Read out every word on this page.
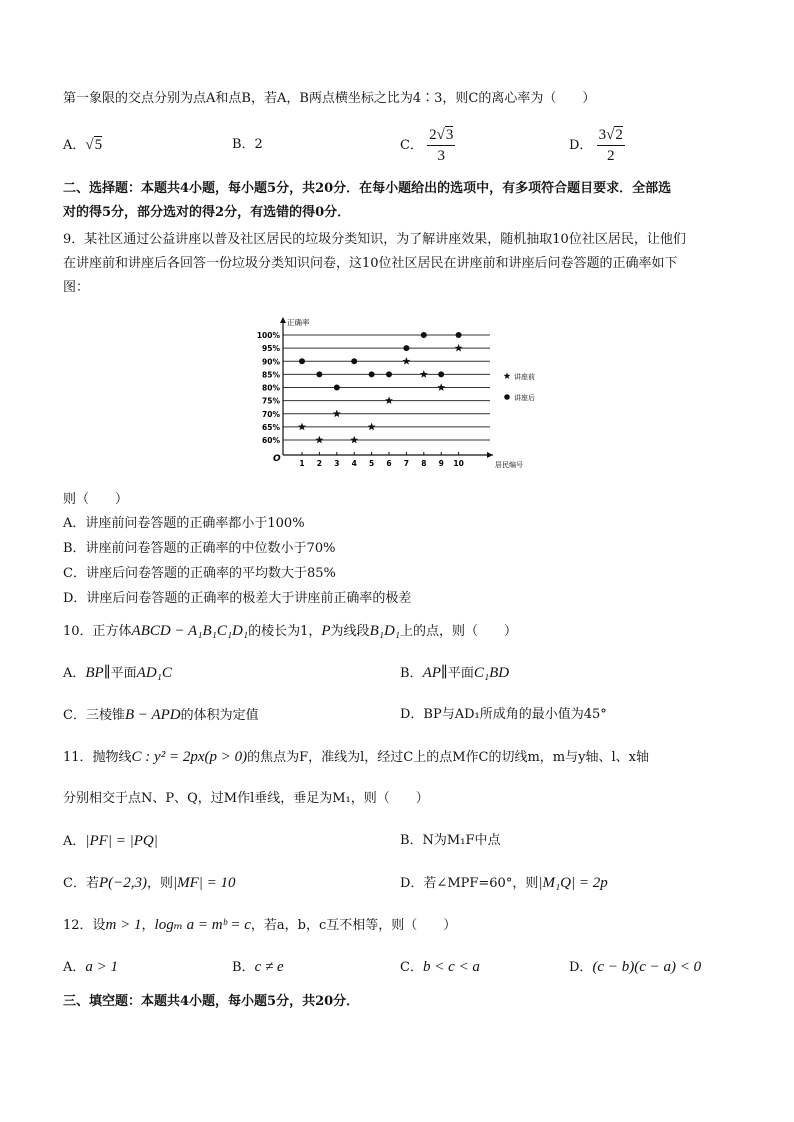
第一象限的交点分别为点A和点B，若A，B两点横坐标之比为4∶3，则C的离心率为（　　）
A．√5	B．2	C． $\frac{2√3}{3}$	D． $\frac{3√2}{2}$
二、选择题：本题共4小题，每小题5分，共20分．在每小题给出的选项中，有多项符合题目要求．全部选
对的得5分，部分选对的得2分，有选错的得0分．
9．某社区通过公益讲座以普及社区居民的垃圾分类知识，为了解讲座效果，随机抽取10位社区居民，让他们
在讲座前和讲座后各回答一份垃圾分类知识问卷，这10位社区居民在讲座前和讲座后问卷答题的正确率如下
图：
60%
65%
70%
75%
80%
85%
90%
95%
100%
正确率
居民编号
O 1 2 3 4 5 6 7 8 9 10
讲座前
讲座后
则（　　）
A．讲座前问卷答题的正确率都小于100%
B．讲座前问卷答题的正确率的中位数小于70%
C．讲座后问卷答题的正确率的平均数大于85%
D．讲座后问卷答题的正确率的极差大于讲座前正确率的极差
10．正方体ABCD − A₁B₁C₁D₁的棱长为1，P为线段B₁D₁上的点，则（　　）
A．BP∥平面AD₁C	B．AP∥平面C₁BD
C．三棱锥B − APD的体积为定值	D．BP与AD₁所成角的最小值为45°
11．抛物线C : y² = 2px(p > 0)的焦点为F，准线为l，经过C上的点M作C的切线m，m与y轴、l、x轴
分别相交于点N、P、Q，过M作l垂线，垂足为M₁，则（　　）
A．|PF| = |PQ|	B．N为M₁F中点
C．若P(−2,3)，则|MF| = 10	D．若∠MPF=60°，则|M₁Q| = 2p
12．设m > 1，logₘ a = mᵇ = c，若a，b，c互不相等，则（　　）
A．a > 1	B．c ≠ e	C．b < c < a	D．(c − b)(c − a) < 0
三、填空题：本题共4小题，每小题5分，共20分．
